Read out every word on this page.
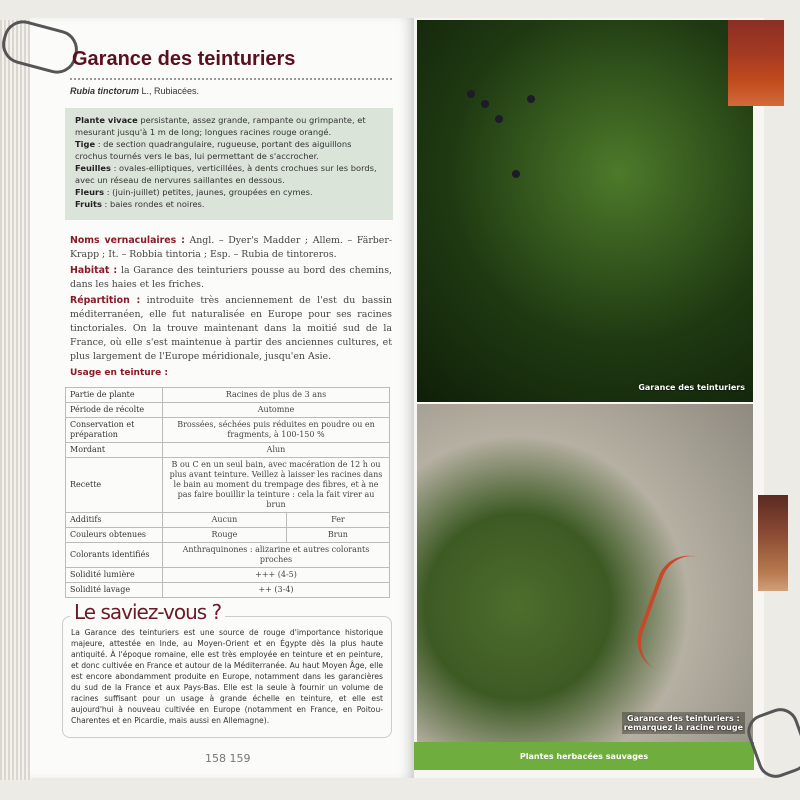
Garance des teinturiers
Rubia tinctorum L., Rubiacées.
Plante vivace persistante, assez grande, rampante ou grimpante, et mesurant jusqu'à 1 m de long; longues racines rouge orangé.
Tige : de section quadrangulaire, rugueuse, portant des aiguillons crochus tournés vers le bas, lui permettant de s'accrocher.
Feuilles : ovales-elliptiques, verticillées, à dents crochues sur les bords, avec un réseau de nervures saillantes en dessous.
Fleurs : (juin-juillet) petites, jaunes, groupées en cymes.
Fruits : baies rondes et noires.
Noms vernaculaires : Angl. – Dyer's Madder ; Allem. – Färber-Krapp ; It. – Robbia tintoria ; Esp. – Rubia de tintoreros.
Habitat : la Garance des teinturiers pousse au bord des chemins, dans les haies et les friches.
Répartition : introduite très anciennement de l'est du bassin méditerranéen, elle fut naturalisée en Europe pour ses racines tinctoriales. On la trouve maintenant dans la moitié sud de la France, où elle s'est maintenue à partir des anciennes cultures, et plus largement de l'Europe méridionale, jusqu'en Asie.
Usage en teinture :
Partie de plante	Racines de plus de 3 ans	
Période de récolte	Automne	
Conservation et préparation	Brossées, séchées puis réduites en poudre ou en fragments, à 100-150 %	
Mordant	Alun	
Recette	B ou C en un seul bain, avec macération de 12 h ou plus avant teinture. Veillez à laisser les racines dans le bain au moment du trempage des fibres, et à ne pas faire bouillir la teinture : cela la fait virer au brun	
Additifs	Aucun	Fer
Couleurs obtenues	Rouge	Brun
Colorants identifiés	Anthraquinones : alizarine et autres colorants proches	
Solidité lumière	+++ (4-5)	
Solidité lavage	++ (3-4)	
Le saviez-vous ?
La Garance des teinturiers est une source de rouge d'importance historique majeure, attestée en Inde, au Moyen-Orient et en Égypte dès la plus haute antiquité. À l'époque romaine, elle est très employée en teinture et en peinture, et donc cultivée en France et autour de la Méditerranée. Au haut Moyen Âge, elle est encore abondamment produite en Europe, notamment dans les garancières du sud de la France et aux Pays-Bas. Elle est la seule à fournir un volume de racines suffisant pour un usage à grande échelle en teinture, et elle est aujourd'hui à nouveau cultivée en Europe (notamment en France, en Poitou-Charentes et en Picardie, mais aussi en Allemagne).
158 159
Garance des teinturiers
Garance des teinturiers :
remarquez la racine rouge
Plantes herbacées sauvages
